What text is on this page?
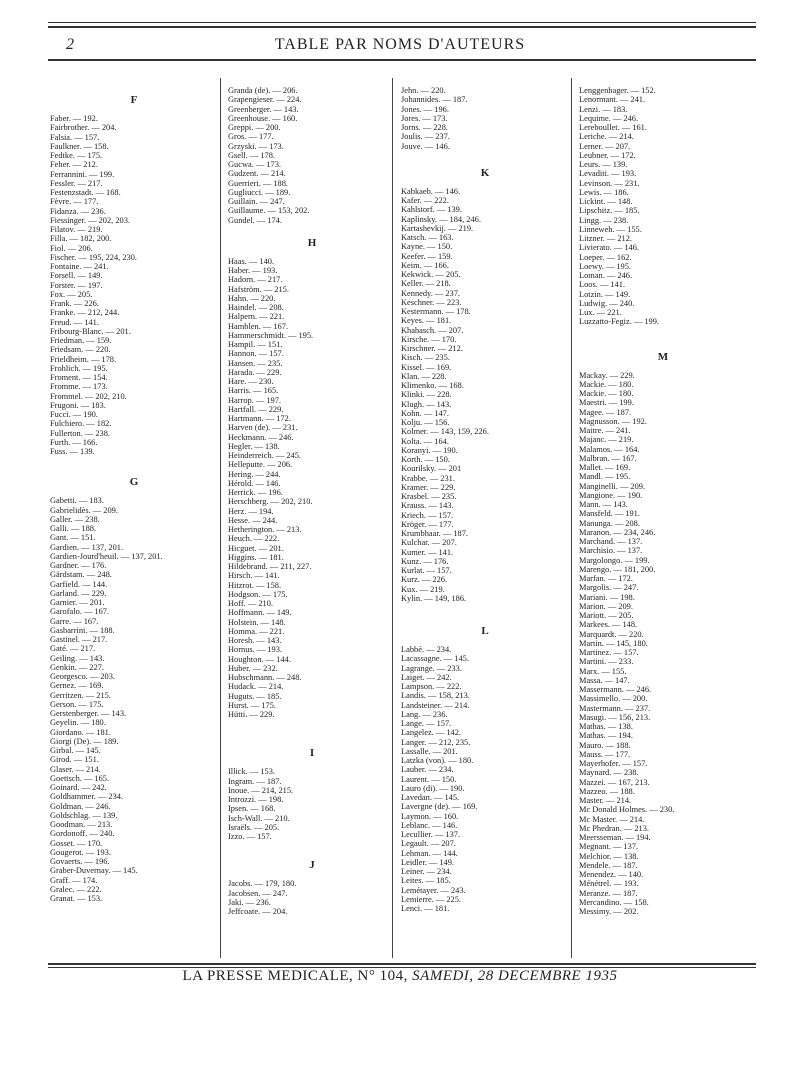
2	TABLE PAR NOMS D'AUTEURS
F
Faber. — 192.
Fairbrother. — 204.
Falsia. — 157.
Faulkner. — 158.
Fedtke. — 175.
Feher. — 212.
Ferrannini. — 199.
Fessler. — 217.
Festenzstadt. — 168.
Fèvre. — 177.
Fidanza. — 236.
Fiessinger. — 202, 203.
Filatov. — 219.
Filla. — 182, 200.
Fiol. — 206.
Fischer. — 195, 224, 230.
Fontaine. — 241.
Forsell. — 149.
Forster. — 197.
Fox. — 205.
Frank. — 226.
Franke. — 212, 244.
Freud. — 141.
Fribourg-Blanc. — 201.
Friedman. — 159.
Friedsam. — 220.
Frieldheim. — 178.
Frohlich. — 195.
Froment. — 154.
Fromme. — 173.
Frommel. — 202, 210.
Frugoni. — 183.
Fucci. — 190.
Fulchiero. — 182.
Fullerton. — 238.
Furth. — 166.
Fuss. — 139.
G
Gabetti. — 183.
Gabrielidès. — 209.
Galler. — 238.
Galli. — 188.
Gant. — 151.
Gardien. — 137, 201.
Gardien-Jourd'heuil. — 137, 201.
Gardner. — 176.
Gärdstam. — 248.
Garfield. — 144.
Garland. — 229.
Garnier. — 201.
Garofalo. — 167.
Garre. — 167.
Gasbarrini. — 188.
Gastinel. — 217.
Gaté. — 217.
Geiling. — 143.
Genkin. — 227.
Georgesco. — 203.
Gernez. — 169.
Gerritzen. — 215.
Gerson. — 175.
Gerstenberger. — 143.
Geyelin. — 180.
Giordano. — 181.
Giorgi (De). — 189.
Girbal. — 145.
Girod. — 151.
Glaser. — 214.
Goettsch. — 165.
Goinard. — 242.
Goldhammer. — 234.
Goldman. — 246.
Goldschlag. — 139.
Goodman. — 213.
Gordonoff. — 240.
Gosset. — 170.
Gougerot. — 193.
Govaerts. — 196.
Graber-Duvernay. — 145.
Graff. — 174.
Gralec. — 222.
Granat. — 153.
Granda (de). — 206.
Grapengieser. — 224.
Greenberger. — 143.
Greenhouse. — 160.
Greppi. — 200.
Gros. — 177.
Grzyski. — 173.
Gsell. — 178.
Gucwa. — 173.
Gudzent. — 214.
Guerrieri. — 188.
Gugliucci. — 189.
Guillain. — 247.
Guillaume. — 153, 202.
Gundel. — 174.
H
Haas. — 140.
Haber. — 193.
Hadorn. — 217.
Hafström. — 215.
Hahn. — 220.
Haindel. — 208.
Halpern. — 221.
Hamblen. — 167.
Hammerschmidt. — 195.
Hampil. — 151.
Hannon. — 157.
Hansen. — 235.
Harada. — 229.
Hare. — 230.
Harris. — 165.
Harrop. — 197.
Hartfall. — 229.
Hartmann. — 172.
Harven (de). — 231.
Heckmann. — 246.
Hegler. — 138.
Heinderreich. — 245.
Helleputte. — 206.
Hering. — 244.
Hérold. — 146.
Herrick. — 196.
Herschberg. — 202, 210.
Herz. — 194.
Hesse. — 244.
Hetherington. — 213.
Heuch. — 222.
Hicguet. — 201.
Higgins. — 181.
Hildebrand. — 211, 227.
Hirsch. — 141.
Hitzrot. — 158.
Hodgson. — 175.
Hoff. — 210.
Hoffmann. — 149.
Holstein. — 148.
Homma. — 221.
Horesh. — 143.
Hornus. — 193.
Houghton. — 144.
Huber. — 232.
Hubschmann. — 248.
Hudack. — 214.
Huguts. — 185.
Hurst. — 175.
Hütti. — 229.
I
Illick. — 153.
Ingram. — 187.
Inoue. — 214, 215.
Introzzi. — 198.
Ipsen. — 168.
Isch-Wall. — 210.
Israëls. — 205.
Izzo. — 157.
J
Jacobs. — 179, 180.
Jacobsen. — 247.
Jaki. — 236.
Jeffcoate. — 204.
Jehn. — 220.
Johannides. — 187.
Jones. — 196.
Jores. — 173.
Jorns. — 228.
Joulis. — 237.
Jouve. — 146.
K
Kabkaeb. — 146.
Kafer. — 222.
Kahlstorf. — 139.
Kaplinsky. — 184, 246.
Kartashevkij. — 219.
Katsch. — 163.
Kayne. — 150.
Keefer. — 159.
Keim. — 166.
Kekwick. — 205.
Keller. — 218.
Kennedy. — 237.
Keschner. — 223.
Kestermann. — 178.
Keyes. — 181.
Khabasch. — 207.
Kirsche. — 170.
Kirschner. — 212.
Kisch. — 235.
Kissel. — 169.
Klan. — 228.
Klimenko. — 168.
Klinki. — 228.
Klugh. — 143.
Kohn. — 147.
Kolju. — 156.
Kolmer. — 143, 159, 226.
Kolta. — 164.
Koranyi. — 190.
Korth. — 150.
Kourilsky. — 201
Krabbe. — 231.
Kramer. — 229.
Krasbel. — 235.
Krauss. — 143.
Kriech. — 157.
Kröger. — 177.
Krumbhaar. — 187.
Kulchar. — 207.
Kumer. — 141.
Kunz. — 176.
Kurlat. — 157.
Kurz. — 226.
Kux. — 219.
Kylin. — 149, 186.
L
Labbé. — 234.
Lacassagne. — 145.
Lagrange. — 233.
Laiget. — 242.
Lampson. — 222.
Landis. — 158, 213.
Landsteiner. — 214.
Lang. — 236.
Lange. — 157.
Langelez. — 142.
Langer. — 212, 235.
Lassalle. — 201.
Latzka (von). — 180.
Lauber. — 234.
Laurent. — 150.
Lauro (di). — 190.
Lavedan. — 145.
Lavergne (de). — 169.
Laymon. — 160.
Leblanc. — 146.
Lecullier. — 137.
Legault. — 207.
Lehman. — 144.
Leidler. — 149.
Leiner. — 234.
Leites. — 185.
Lemétayer. — 243.
Lemierre. — 225.
Lenci. — 181.
Lenggenhager. — 152.
Lenormant. — 241.
Lenzi. — 183.
Lequime. — 246.
Lereboullet. — 161.
Leriche. — 214.
Lerner. — 207.
Leubner. — 172.
Leurs. — 139.
Levaditi. — 193.
Levinson. — 231.
Lewis. — 186.
Lickint. — 148.
Lipschitz. — 185.
Lingg. — 238.
Linneweh. — 155.
Litzner. — 212.
Livierato. — 146.
Loeper. — 162.
Loewy. — 195.
Loman. — 246.
Loos. — 141.
Lotzin. — 149.
Ludwig. — 240.
Lux. — 221.
Luzzatto-Fegiz. — 199.
M
Mackay. — 229.
Mackie. — 180.
Mackie. — 180.
Maestri. — 199.
Magee. — 187.
Magnusson. — 192.
Maitre. — 241.
Majanc. — 219.
Malamos. — 164.
Malbran. — 167.
Mallet. — 169.
Mandl. — 195.
Manginelli. — 209.
Mangione. — 190.
Mann. — 143.
Mansfeld. — 191.
Manunga. — 208.
Maranon. — 234, 246.
Marchand. — 137.
Marchisio. — 137.
Margolongo. — 199.
Marengo. — 181, 200.
Marfan. — 172.
Margolis. — 247.
Mariani. — 198.
Marion. — 209.
Mariott. — 205.
Markees. — 148.
Marquardt. — 220.
Martin. — 145, 180.
Martinez. — 157.
Martini. — 233.
Marx. — 155.
Massa. — 147.
Massermann. — 246.
Massimello. — 200.
Mastermann. — 237.
Masugi. — 156, 213.
Mathas. — 138.
Mathas. — 194.
Mauro. — 188.
Mauss. — 177.
Mayerhofer. — 157.
Maynard. — 238.
Mazzei. — 167, 213.
Mazzeo. — 188.
Master. — 214.
Mc Donald Holmes. — 230.
Mc Master. — 214.
Mc Phedran. — 213.
Meersseman. — 194.
Megnant. — 137.
Melchior. — 138.
Mendele. — 187.
Menendez. — 140.
Ménétrel. — 193.
Meranze. — 187.
Mercandino. — 158.
Messimy. — 202.
LA PRESSE MEDICALE, N° 104, SAMEDI, 28 DECEMBRE 1935
